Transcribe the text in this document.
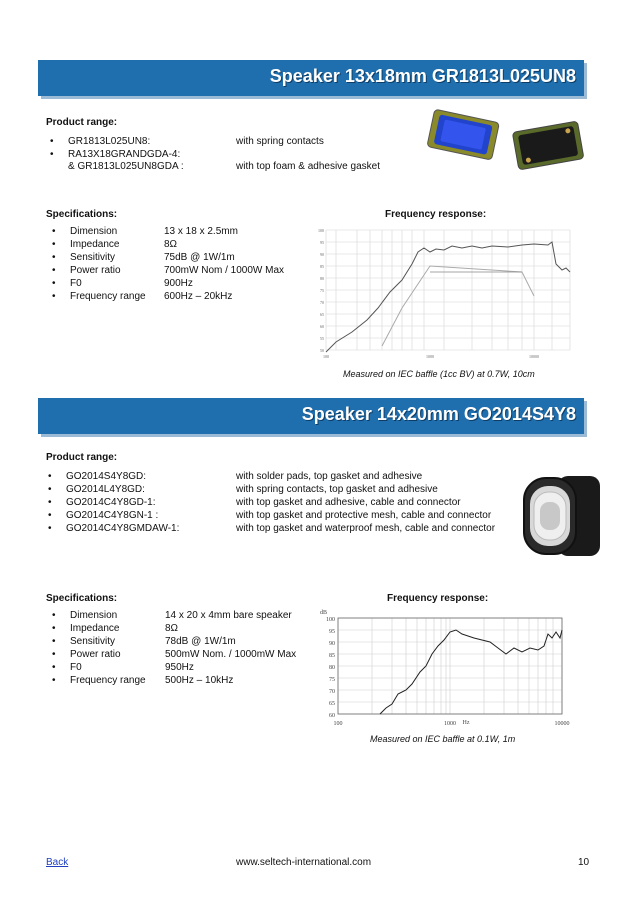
Speaker 13x18mm GR1813L025UN8
Product range:
• GR1813L025UN8:	with spring contacts
• RA13X18GRANDGDA-4:
& GR1813L025UN8GDA :	with top foam & adhesive gasket
Specifications:	Frequency response:
• Dimension	13 x 18 x 2.5mm
• Impedance	8Ω
• Sensitivity	75dB @ 1W/1m
• Power ratio	700mW Nom / 1000W Max
• F0	900Hz
• Frequency range 600Hz – 20kHz
100
95
90
85
80
75
70
65
60
55
50
100	1000	10000
Measured on IEC baffle (1cc BV) at 0.7W, 10cm
Speaker 14x20mm GO2014S4Y8
Product range:
• GO2014S4Y8GD:	with solder pads, top gasket and adhesive
• GO2014L4Y8GD:	with spring contacts, top gasket and adhesive
• GO2014C4Y8GD-1:	with top gasket and adhesive, cable and connector
• GO2014C4Y8GN-1 :	with top gasket and protective mesh, cable and connector
• GO2014C4Y8GMDAW-1:	with top gasket and waterproof mesh, cable and connector
Specifications:	Frequency response:
• Dimension	14 x 20 x 4mm bare speaker
• Impedance	8Ω
• Sensitivity	78dB @ 1W/1m
• Power ratio	500mW Nom. / 1000mW Max
• F0	950Hz
• Frequency range 500Hz – 10kHz
dB
100
95
90
85
80
75
70
65
60
100	1000	10000
Hz
Measured on IEC baffle at 0.1W, 1m
Back	www.seltech-international.com	10
